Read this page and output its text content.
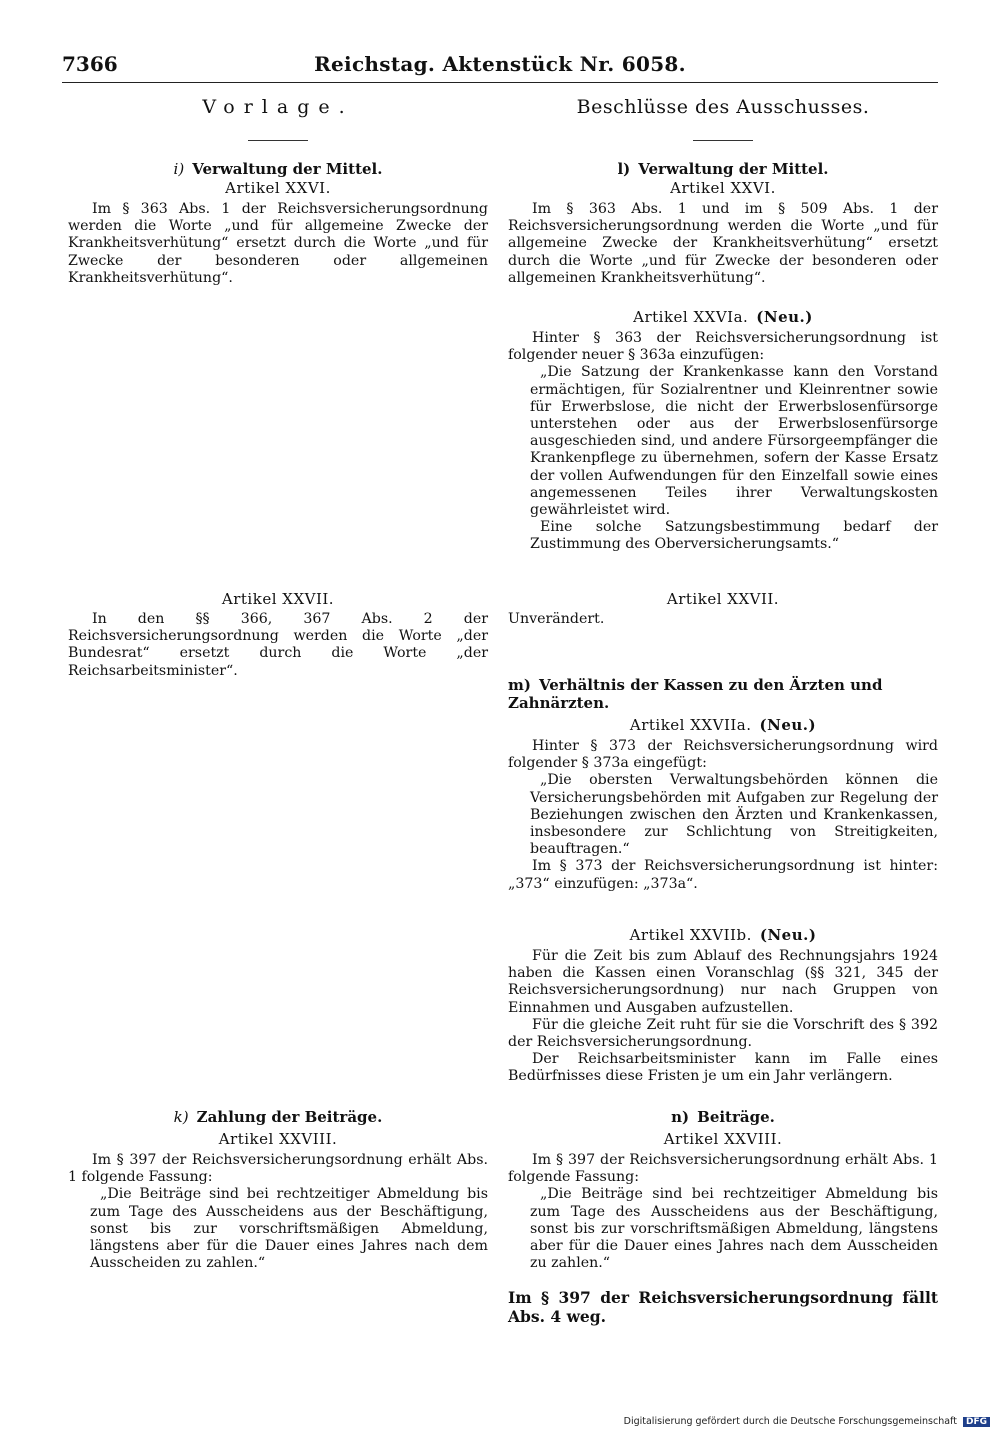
7366	Reichstag. Aktenstück Nr. 6058.
Vorlage.	Beschlüsse des Ausschusses.
i) Verwaltung der Mittel.
Artikel XXVI.

Im § 363 Abs. 1 der Reichsversicherungsordnung werden die Worte „und für allgemeine Zwecke der Krankheitsverhütung“ ersetzt durch die Worte „und für Zwecke der besonderen oder allgemeinen Krankheitsverhütung“.

Artikel XXVII.

In den §§ 366, 367 Abs. 2 der Reichsversicherungsordnung werden die Worte „der Bundesrat“ ersetzt durch die Worte „der Reichsarbeitsminister“.

k) Zahlung der Beiträge.
Artikel XXVIII.

Im § 397 der Reichsversicherungsordnung erhält Abs. 1 folgende Fassung:

„Die Beiträge sind bei rechtzeitiger Abmeldung bis zum Tage des Ausscheidens aus der Beschäftigung, sonst bis zur vorschriftsmäßigen Abmeldung, längstens aber für die Dauer eines Jahres nach dem Ausscheiden zu zahlen.“

l) Verwaltung der Mittel.
Artikel XXVI.

Im § 363 Abs. 1 und im § 509 Abs. 1 der Reichsversicherungsordnung werden die Worte „und für allgemeine Zwecke der Krankheitsverhütung“ ersetzt durch die Worte „und für Zwecke der besonderen oder allgemeinen Krankheitsverhütung“.

Artikel XXVIa. (Neu.)

Hinter § 363 der Reichsversicherungsordnung ist folgender neuer § 363a einzufügen:

„Die Satzung der Krankenkasse kann den Vorstand ermächtigen, für Sozialrentner und Kleinrentner sowie für Erwerbslose, die nicht der Erwerbslosenfürsorge unterstehen oder aus der Erwerbslosenfürsorge ausgeschieden sind, und andere Fürsorgeempfänger die Krankenpflege zu übernehmen, sofern der Kasse Ersatz der vollen Aufwendungen für den Einzelfall sowie eines angemessenen Teiles ihrer Verwaltungskosten gewährleistet wird.

Eine solche Satzungsbestimmung bedarf der Zustimmung des Oberversicherungsamts.“

Artikel XXVII.

Unverändert.

m) Verhältnis der Kassen zu den Ärzten und Zahnärzten.
Artikel XXVIIa. (Neu.)

Hinter § 373 der Reichsversicherungsordnung wird folgender § 373a eingefügt:

„Die obersten Verwaltungsbehörden können die Versicherungsbehörden mit Aufgaben zur Regelung der Beziehungen zwischen den Ärzten und Krankenkassen, insbesondere zur Schlichtung von Streitigkeiten, beauftragen.“

Im § 373 der Reichsversicherungsordnung ist hinter: „373“ einzufügen: „373a“.

Artikel XXVIIb. (Neu.)

Für die Zeit bis zum Ablauf des Rechnungsjahrs 1924 haben die Kassen einen Voranschlag (§§ 321, 345 der Reichsversicherungsordnung) nur nach Gruppen von Einnahmen und Ausgaben aufzustellen.

Für die gleiche Zeit ruht für sie die Vorschrift des § 392 der Reichsversicherungsordnung.

Der Reichsarbeitsminister kann im Falle eines Bedürfnisses diese Fristen je um ein Jahr verlängern.

n) Beiträge.
Artikel XXVIII.

Im § 397 der Reichsversicherungsordnung erhält Abs. 1 folgende Fassung:

„Die Beiträge sind bei rechtzeitiger Abmeldung bis zum Tage des Ausscheidens aus der Beschäftigung, sonst bis zur vorschriftsmäßigen Abmeldung, längstens aber für die Dauer eines Jahres nach dem Ausscheiden zu zahlen.“

Im § 397 der Reichsversicherungsordnung fällt Abs. 4 weg.
Digitalisierung gefördert durch die Deutsche Forschungsgemeinschaft DFG
